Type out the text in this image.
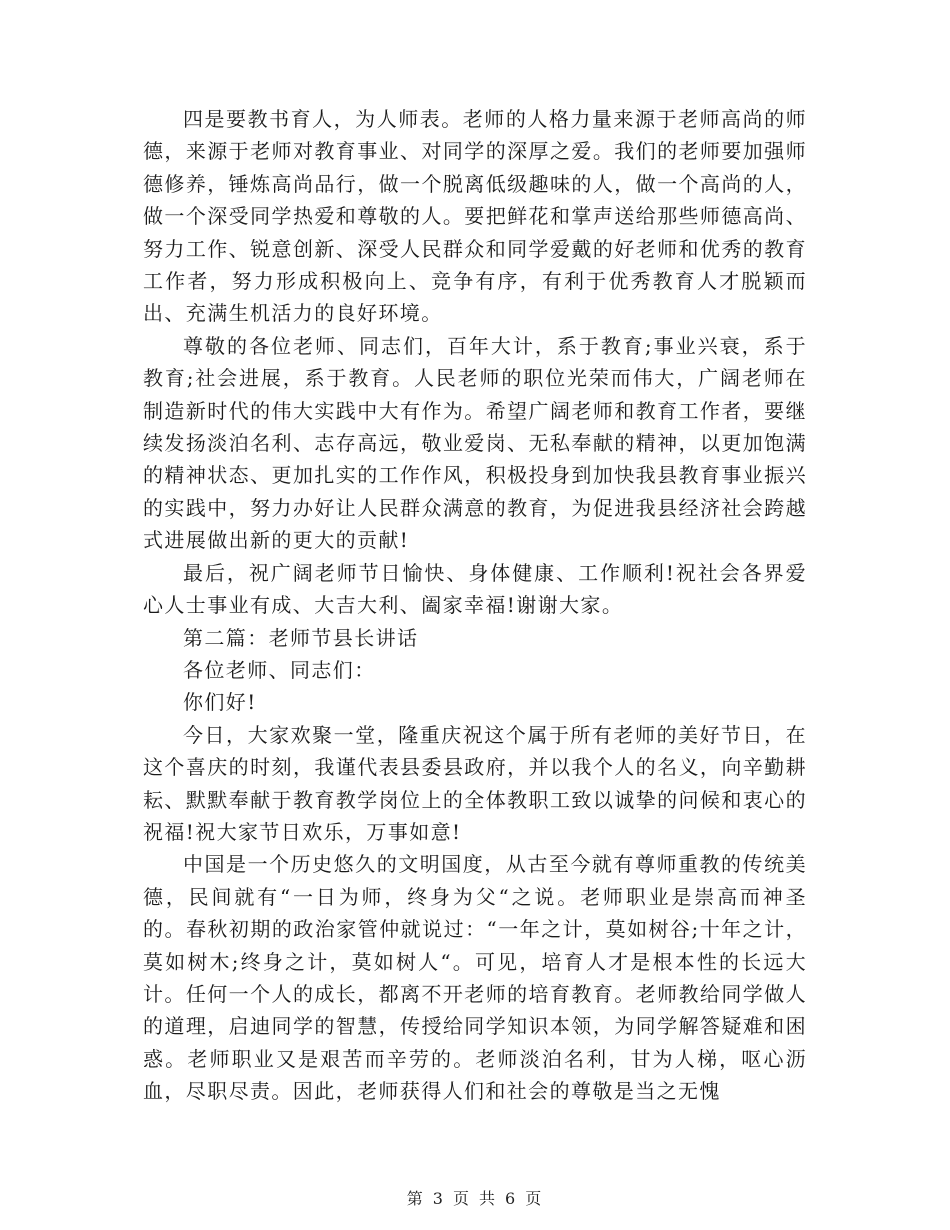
四是要教书育人，为人师表。老师的人格力量来源于老师高尚的师德，来源于老师对教育事业、对同学的深厚之爱。我们的老师要加强师德修养，锤炼高尚品行，做一个脱离低级趣味的人，做一个高尚的人，做一个深受同学热爱和尊敬的人。要把鲜花和掌声送给那些师德高尚、努力工作、锐意创新、深受人民群众和同学爱戴的好老师和优秀的教育工作者，努力形成积极向上、竞争有序，有利于优秀教育人才脱颖而出、充满生机活力的良好环境。

尊敬的各位老师、同志们，百年大计，系于教育;事业兴衰，系于教育;社会进展，系于教育。人民老师的职位光荣而伟大，广阔老师在制造新时代的伟大实践中大有作为。希望广阔老师和教育工作者，要继续发扬淡泊名利、志存高远，敬业爱岗、无私奉献的精神，以更加饱满的精神状态、更加扎实的工作作风，积极投身到加快我县教育事业振兴的实践中，努力办好让人民群众满意的教育，为促进我县经济社会跨越式进展做出新的更大的贡献!

最后，祝广阔老师节日愉快、身体健康、工作顺利!祝社会各界爱心人士事业有成、大吉大利、阖家幸福!谢谢大家。

第二篇：老师节县长讲话

各位老师、同志们：

你们好!

今日，大家欢聚一堂，隆重庆祝这个属于所有老师的美好节日，在这个喜庆的时刻，我谨代表县委县政府，并以我个人的名义，向辛勤耕耘、默默奉献于教育教学岗位上的全体教职工致以诚挚的问候和衷心的祝福!祝大家节日欢乐，万事如意!

中国是一个历史悠久的文明国度，从古至今就有尊师重教的传统美德，民间就有“一日为师，终身为父“之说。老师职业是崇高而神圣的。春秋初期的政治家管仲就说过：“一年之计，莫如树谷;十年之计，莫如树木;终身之计，莫如树人“。可见，培育人才是根本性的长远大计。任何一个人的成长，都离不开老师的培育教育。老师教给同学做人的道理，启迪同学的智慧，传授给同学知识本领，为同学解答疑难和困惑。老师职业又是艰苦而辛劳的。老师淡泊名利，甘为人梯，呕心沥血，尽职尽责。因此，老师获得人们和社会的尊敬是当之无愧

第 3 页 共 6 页
